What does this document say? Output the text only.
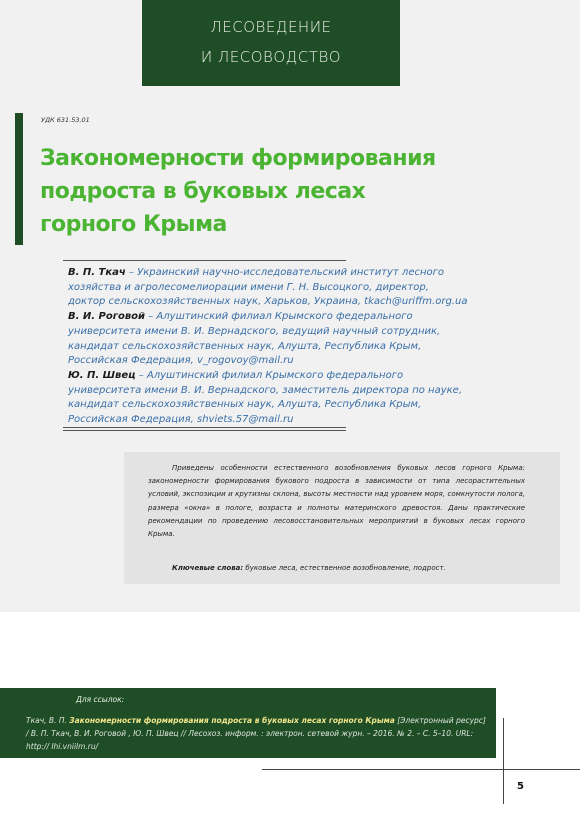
ЛЕСОВЕДЕНИЕ
И ЛЕСОВОДСТВО
УДК 631.53.01
Закономерности формирования
подроста в буковых лесах
горного Крыма
В. П. Ткач – Украинский научно-исследовательский институт лесного хозяйства и агролесомелиорации имени Г. Н. Высоцкого, директор, доктор сельскохозяйственных наук, Харьков, Украина, tkach@uriffm.org.ua
В. И. Роговой – Алуштинский филиал Крымского федерального университета имени В. И. Вернадского, ведущий научный сотрудник, кандидат сельскохозяйственных наук, Алушта, Республика Крым, Российская Федерация, v_rogovoy@mail.ru
Ю. П. Швец – Алуштинский филиал Крымского федерального университета имени В. И. Вернадского, заместитель директора по науке, кандидат сельскохозяйственных наук, Алушта, Республика Крым, Российская Федерация, shviets.57@mail.ru

Приведены особенности естественного возобновления буковых лесов горного Крыма: закономерности формирования букового подроста в зависимости от типа лесорастительных условий, экспозиции и крутизны склона, высоты местности над уровнем моря, сомкнутости полога, размера «окна» в пологе, возраста и полноты материнского древостоя. Даны практические рекомендации по проведению лесовосстановительных мероприятий в буковых лесах горного Крыма.

Ключевые слова: буковые леса, естественное возобновление, подрост.

Для ссылок:

Ткач, В. П. Закономерности формирования подроста в буковых лесах горного Крыма [Электронный ресурс] / В. П. Ткач, В. И. Роговой , Ю. П. Швец // Лесохоз. информ. : электрон. сетевой журн. – 2016. № 2. – С. 5–10. URL: http:// lhi.vniilm.ru/

5
